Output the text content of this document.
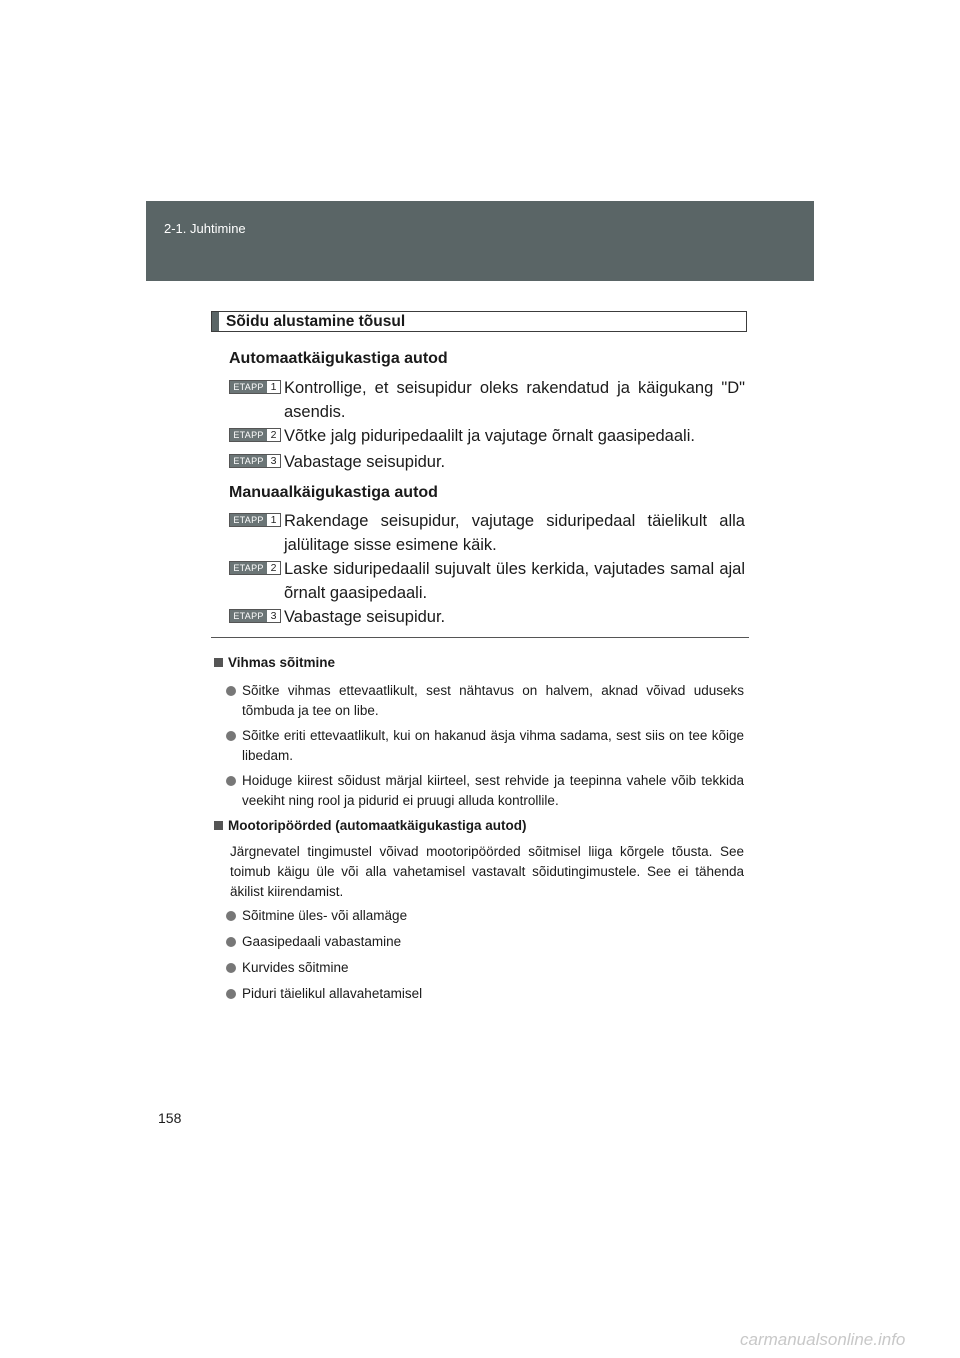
2-1. Juhtimine
Sõidu alustamine tõusul
Automaatkäigukastiga autod
ETAPP 1 Kontrollige, et seisupidur oleks rakendatud ja käigukang "D" asendis.
ETAPP 2 Võtke jalg piduripedaalilt ja vajutage õrnalt gaasipedaali.
ETAPP 3 Vabastage seisupidur.
Manuaalkäigukastiga autod
ETAPP 1 Rakendage seisupidur, vajutage siduripedaal täielikult alla jalülitage sisse esimene käik.
ETAPP 2 Laske siduripedaalil sujuvalt üles kerkida, vajutades samal ajal õrnalt gaasipedaali.
ETAPP 3 Vabastage seisupidur.
Vihmas sõitmine
Sõitke vihmas ettevaatlikult, sest nähtavus on halvem, aknad võivad uduseks tõmbuda ja tee on libe.
Sõitke eriti ettevaatlikult, kui on hakanud äsja vihma sadama, sest siis on tee kõige libedam.
Hoiduge kiirest sõidust märjal kiirteel, sest rehvide ja teepinna vahele võib tekkida veekiht ning rool ja pidurid ei pruugi alluda kontrollile.
Mootoripöörded (automaatkäigukastiga autod)
Järgnevatel tingimustel võivad mootoripöörded sõitmisel liiga kõrgele tõusta. See toimub käigu üle või alla vahetamisel vastavalt sõidutingimustele. See ei tähenda äkilist kiirendamist.
Sõitmine üles- või allamäge
Gaasipedaali vabastamine
Kurvides sõitmine
Piduri täielikul allavahetamisel
158
carmanualsonline.info
